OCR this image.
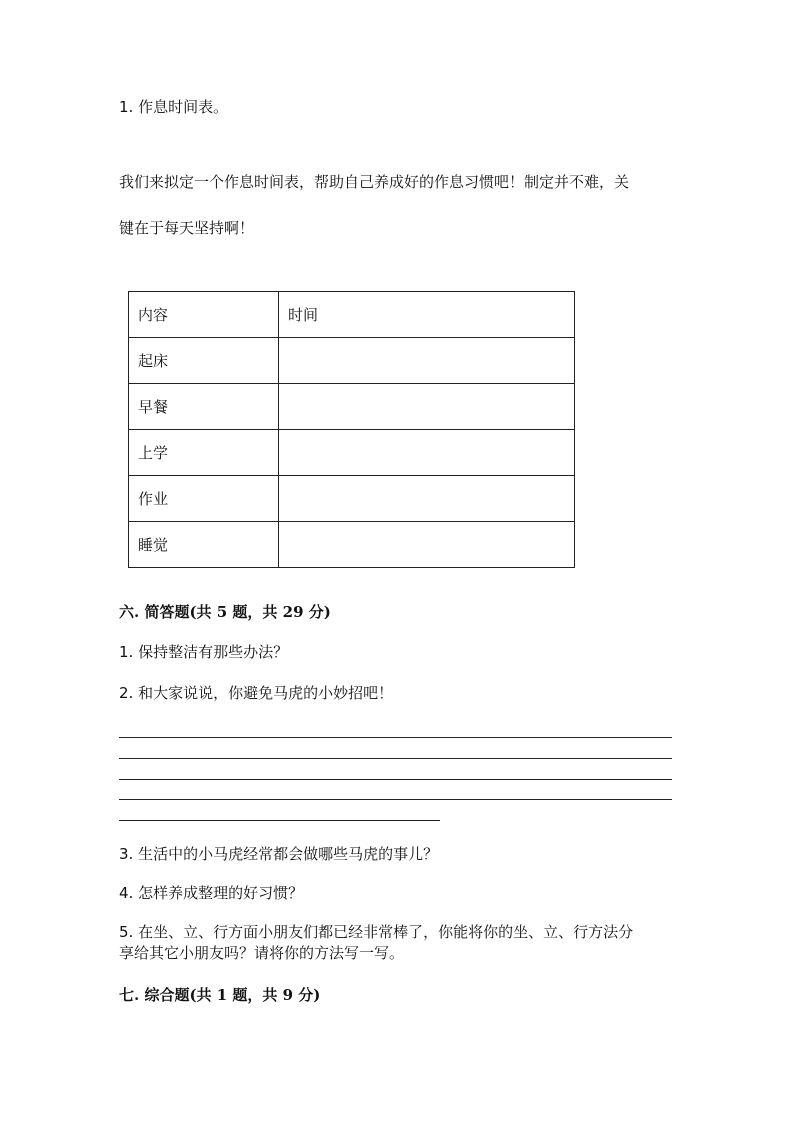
1. 作息时间表。
我们来拟定一个作息时间表，帮助自己养成好的作息习惯吧！制定并不难，关
键在于每天坚持啊！
内容	时间
起床	
早餐	
上学	
作业	
睡觉	
六. 简答题(共 5 题，共 29 分)
1. 保持整洁有那些办法？
2. 和大家说说，你避免马虎的小妙招吧！
3. 生活中的小马虎经常都会做哪些马虎的事儿？
4. 怎样养成整理的好习惯？
5. 在坐、立、行方面小朋友们都已经非常棒了，你能将你的坐、立、行方法分
享给其它小朋友吗？请将你的方法写一写。
七. 综合题(共 1 题，共 9 分)
